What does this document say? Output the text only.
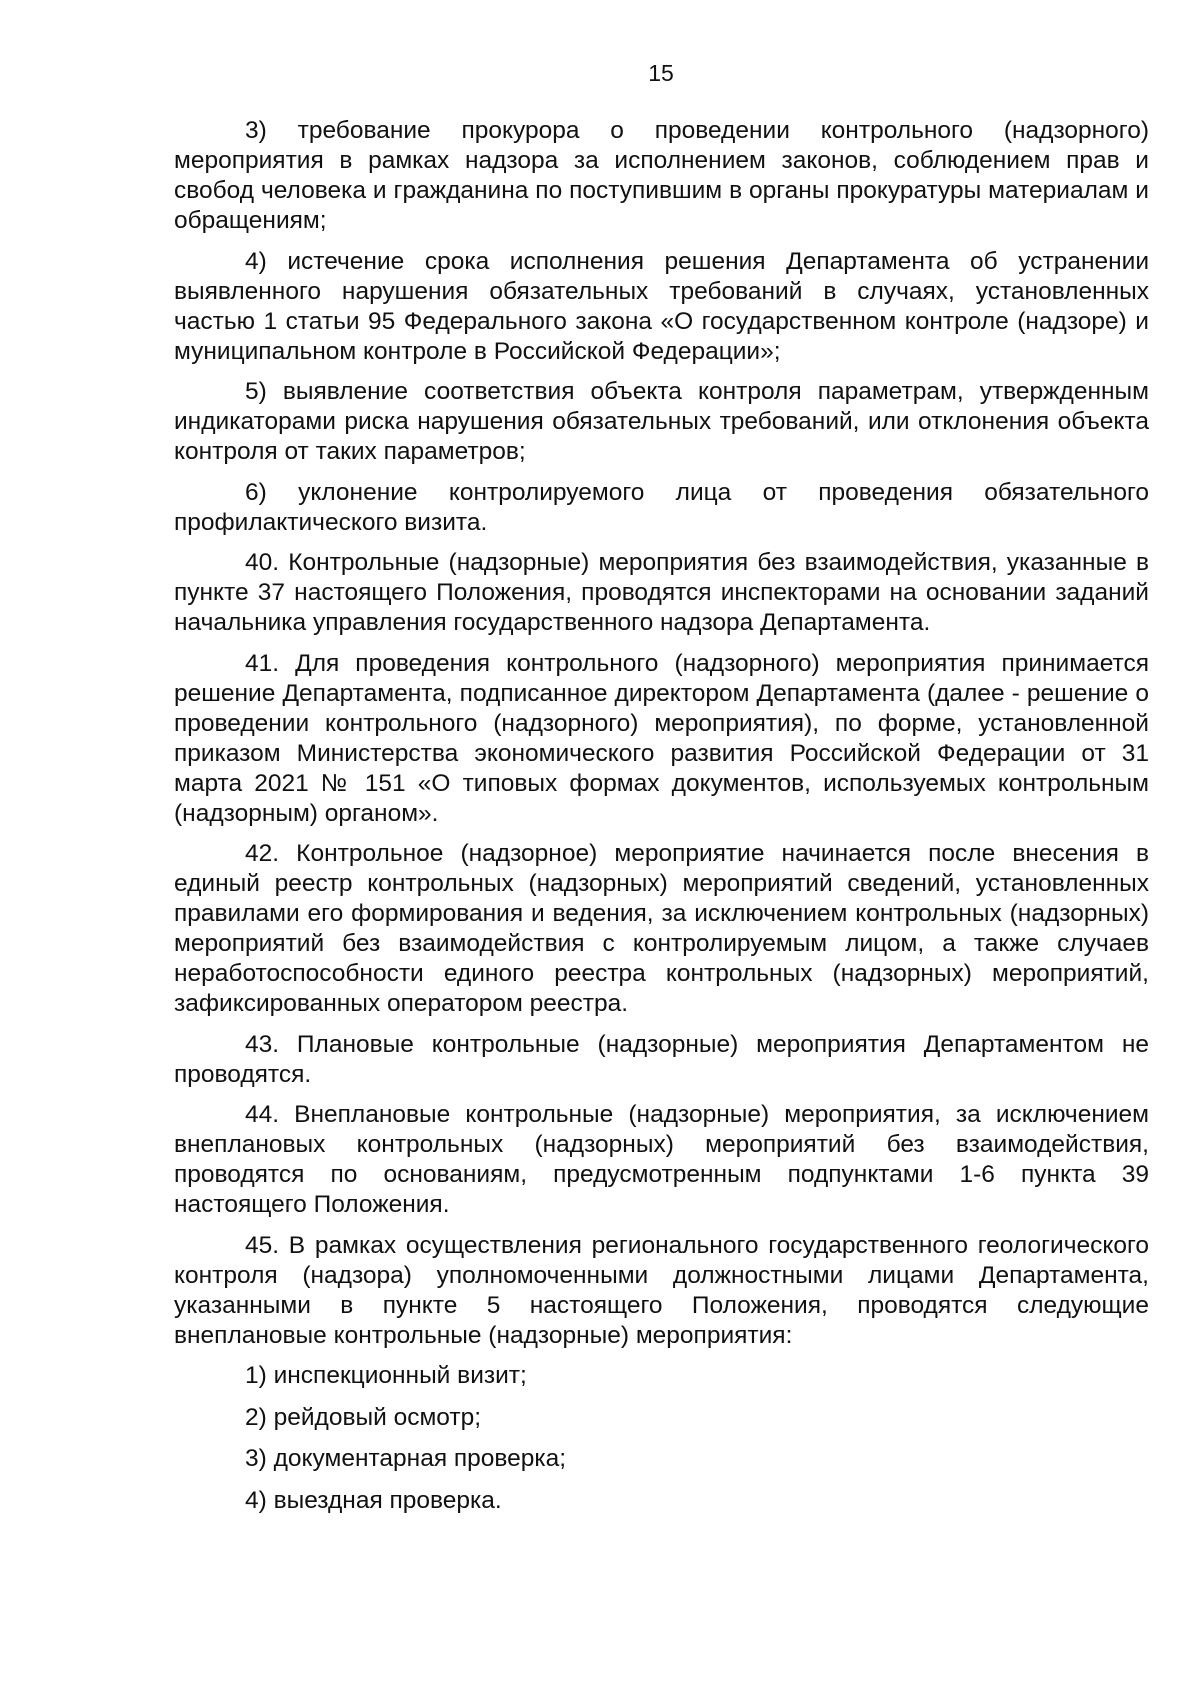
15

3) требование прокурора о проведении контрольного (надзорного) мероприятия в рамках надзора за исполнением законов, соблюдением прав и свобод человека и гражданина по поступившим в органы прокуратуры материалам и обращениям;

4) истечение срока исполнения решения Департамента об устранении выявленного нарушения обязательных требований в случаях, установленных частью 1 статьи 95 Федерального закона «О государственном контроле (надзоре) и муниципальном контроле в Российской Федерации»;

5) выявление соответствия объекта контроля параметрам, утвержденным индикаторами риска нарушения обязательных требований, или отклонения объекта контроля от таких параметров;

6) уклонение контролируемого лица от проведения обязательного профилактического визита.

40. Контрольные (надзорные) мероприятия без взаимодействия, указанные в пункте 37 настоящего Положения, проводятся инспекторами на основании заданий начальника управления государственного надзора Департамента.

41. Для проведения контрольного (надзорного) мероприятия принимается решение Департамента, подписанное директором Департамента (далее - решение о проведении контрольного (надзорного) мероприятия), по форме, установленной приказом Министерства экономического развития Российской Федерации от 31 марта 2021 № 151 «О типовых формах документов, используемых контрольным (надзорным) органом».

42. Контрольное (надзорное) мероприятие начинается после внесения в единый реестр контрольных (надзорных) мероприятий сведений, установленных правилами его формирования и ведения, за исключением контрольных (надзорных) мероприятий без взаимодействия с контролируемым лицом, а также случаев неработоспособности единого реестра контрольных (надзорных) мероприятий, зафиксированных оператором реестра.

43. Плановые контрольные (надзорные) мероприятия Департаментом не проводятся.

44. Внеплановые контрольные (надзорные) мероприятия, за исключением внеплановых контрольных (надзорных) мероприятий без взаимодействия, проводятся по основаниям, предусмотренным подпунктами 1-6 пункта 39 настоящего Положения.

45. В рамках осуществления регионального государственного геологического контроля (надзора) уполномоченными должностными лицами Департамента, указанными в пункте 5 настоящего Положения, проводятся следующие внеплановые контрольные (надзорные) мероприятия:

1) инспекционный визит;

2) рейдовый осмотр;

3) документарная проверка;

4) выездная проверка.
